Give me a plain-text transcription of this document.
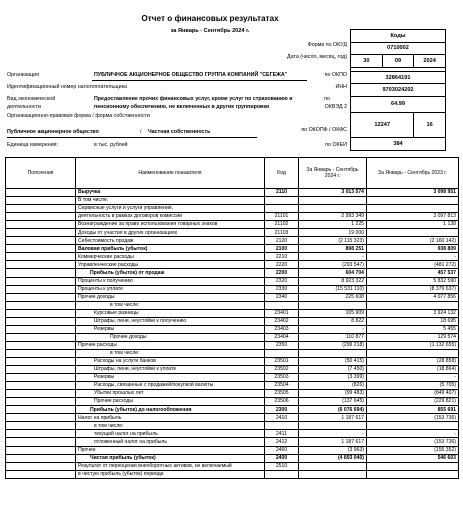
Отчет о финансовых результатах
за Январь - Сентябрь 2024 г.
Коды		
0710002		
30	09	2024

32864191		
9703024202		
64.99		
12247		16
384		
Форма по ОКУД
Дата (число, месяц, год)
по ОКПО
ИНН
по
ОКВЭД 2
по ОКОПФ / ОКФС
по ОКЕИ
Организация	ПУБЛИЧНОЕ АКЦИОНЕРНОЕ ОБЩЕСТВО ГРУППА КОМПАНИЙ "СЕГЕЖА"
Идентификационный номер налогоплательщика
Вид экономической
деятельности
Предоставление прочих финансовых услуг, кроме услуг по страхованию и
пенсионному обеспечению, не включенных в другие группировки
Организационно-правовая форма / форма собственности
Публичное акционерное общество	/ Частная собственность
Единица измерения:	в тыс. рублей
Пояснения	Наименование показателя	Код	За Январь - Сентябрь 2024 г.	За Январь - Сентябрь 2023 г.
	Выручка	2110	3 013 574	3 098 951
	В том числе:			
	Сервисные услуги и услуги управления,			
	деятельность в рамках договоров комиссии	21101	2 993 349	3 097 813
	Вознаграждение за право использования товарных знаков	21102	1 225	1 138
	Доходы от участия в других организациях	21103	19 000	
	Себестоимость продаж	2120	(2 115 323)	(2 160 142)
	Валовая прибыль (убыток)	2100	898 251	938 809
	Коммерческие расходы	2210	-	-
	Управленческие расходы	2220	(293 547)	(481 272)
	Прибыль (убыток) от продаж	2200	604 704	457 537
	Проценты к получению	2320	8 923 322	5 832 590
	Проценты к уплате	2330	(15 531 110)	(8 379 637)
	Прочие доходы	2340	225 608	4 077 856
	в том числе:			
	Курсовые разницы	23401	105 909	3 924 132
	Штрафы, пени, неустойки к получению	23402	8 822	18 695
	Резервы	23403	-	5 455
	Прочие доходы	23404	110 877	129 574
	Прочие расходы	2350	(299 218)	(1 132 655)
	в том числе:			
	Расходы на услуги банков	23501	(50 415)	(28 858)
	Штрафы, пени, неустойки к уплате	23502	(7 450)	(18 864)
	Резервы	23503	(3 399)	-
	Расходы, связанные с продажей/покупкой валюты	23504	(826)	(5 705)
	Убытки прошлых лет	23505	(99 483)	(849 407)
	Прочие расходы	23506	(137 645)	(229 821)
	Прибыль (убыток) до налогообложения	2300	(6 076 694)	855 691
	Налог на прибыль	2410	1 187 617	(153 736)
	в том числе:			
	текущий налог на прибыль	2411	-	-
	отложенный налог на прибыль	2412	1 187 617	(153 736)
	Прочее	2460	(3 963)	(155 352)
	Чистая прибыль (убыток)	2400	(4 893 040)	546 603
	Результат от переоценки внеоборотных активов, не включаемый	2510		
	в чистую прибыль (убыток) периода			
